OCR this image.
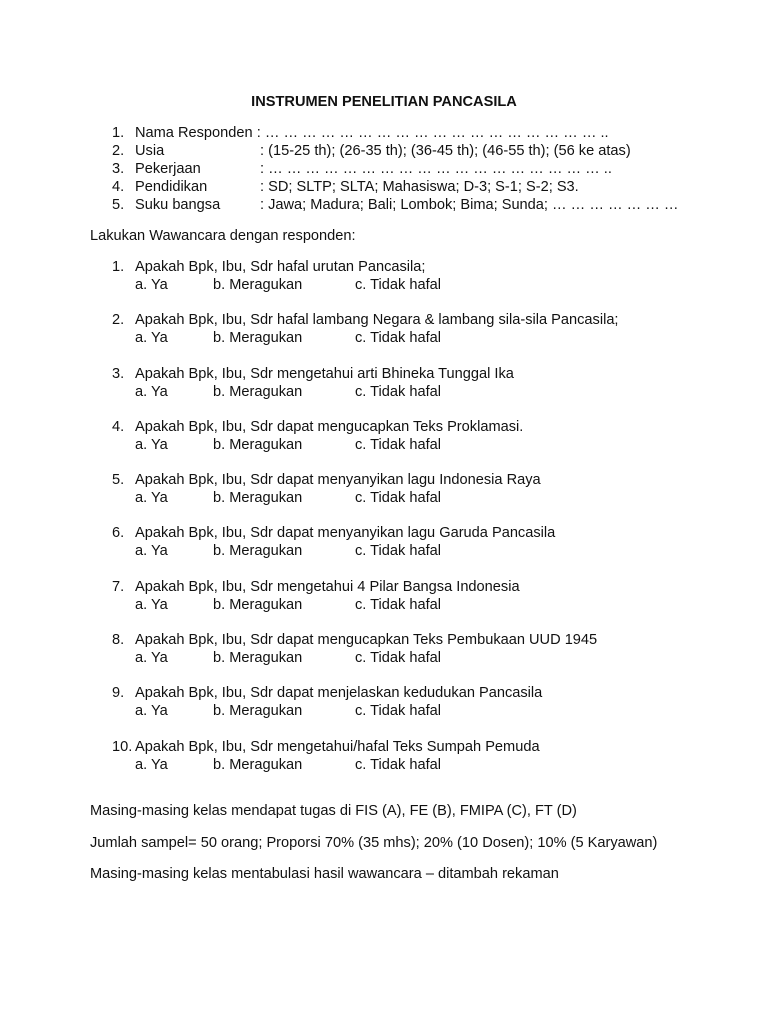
INSTRUMEN PENELITIAN PANCASILA
1. Nama Responden : … … … … … … … … … … … … … … … … … … ..
2. Usia	: (15-25 th); (26-35 th); (36-45 th); (46-55 th); (56 ke atas)
3. Pekerjaan	: … … … … … … … … … … … … … … … … … … ..
4. Pendidikan	: SD; SLTP; SLTA; Mahasiswa; D-3; S-1; S-2; S3.
5. Suku bangsa	: Jawa; Madura; Bali; Lombok; Bima; Sunda; … … … … … … …
Lakukan Wawancara dengan responden:
1. Apakah Bpk, Ibu, Sdr hafal urutan Pancasila;
a. Ya	b. Meragukan	c. Tidak hafal
2. Apakah Bpk, Ibu, Sdr hafal lambang Negara & lambang sila-sila Pancasila;
a. Ya	b. Meragukan	c. Tidak hafal
3. Apakah Bpk, Ibu, Sdr mengetahui arti Bhineka Tunggal Ika
a. Ya	b. Meragukan	c. Tidak hafal
4. Apakah Bpk, Ibu, Sdr dapat mengucapkan Teks Proklamasi.
a. Ya	b. Meragukan	c. Tidak hafal
5. Apakah Bpk, Ibu, Sdr dapat menyanyikan lagu Indonesia Raya
a. Ya	b. Meragukan	c. Tidak hafal
6. Apakah Bpk, Ibu, Sdr dapat menyanyikan lagu Garuda Pancasila
a. Ya	b. Meragukan	c. Tidak hafal
7. Apakah Bpk, Ibu, Sdr mengetahui 4 Pilar Bangsa Indonesia
a. Ya	b. Meragukan	c. Tidak hafal
8. Apakah Bpk, Ibu, Sdr dapat mengucapkan Teks Pembukaan UUD 1945
a. Ya	b. Meragukan	c. Tidak hafal
9. Apakah Bpk, Ibu, Sdr dapat menjelaskan kedudukan Pancasila
a. Ya	b. Meragukan	c. Tidak hafal
10. Apakah Bpk, Ibu, Sdr mengetahui/hafal Teks Sumpah Pemuda
a. Ya	b. Meragukan	c. Tidak hafal
Masing-masing kelas mendapat tugas di FIS (A), FE (B), FMIPA (C), FT (D)
Jumlah sampel= 50 orang; Proporsi 70% (35 mhs); 20% (10 Dosen); 10% (5 Karyawan)
Masing-masing kelas mentabulasi hasil wawancara – ditambah rekaman
